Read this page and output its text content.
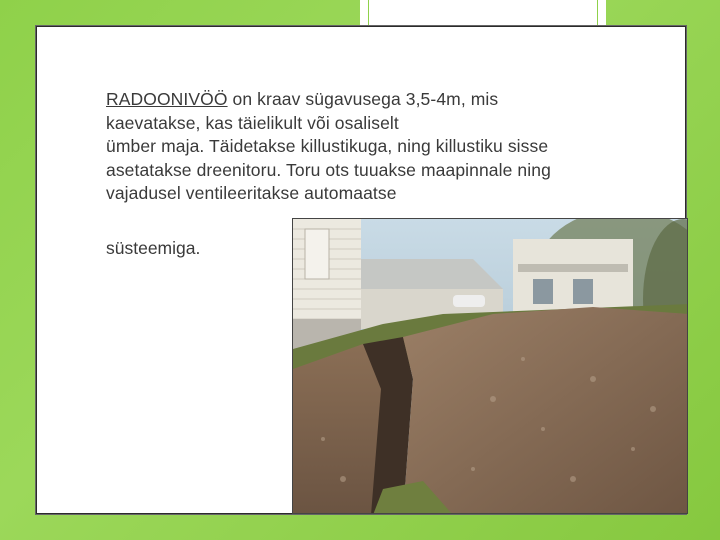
RADOONIVÖÖ on kraav sügavusega 3,5-4m, mis

kaevatakse, kas täielikult või osaliselt

ümber maja. Täidetakse killustikuga, ning killustiku sisse

asetatakse dreenitoru. Toru ots tuuakse maapinnale ning

vajadusel ventileeritakse automaatse

süsteemiga.
